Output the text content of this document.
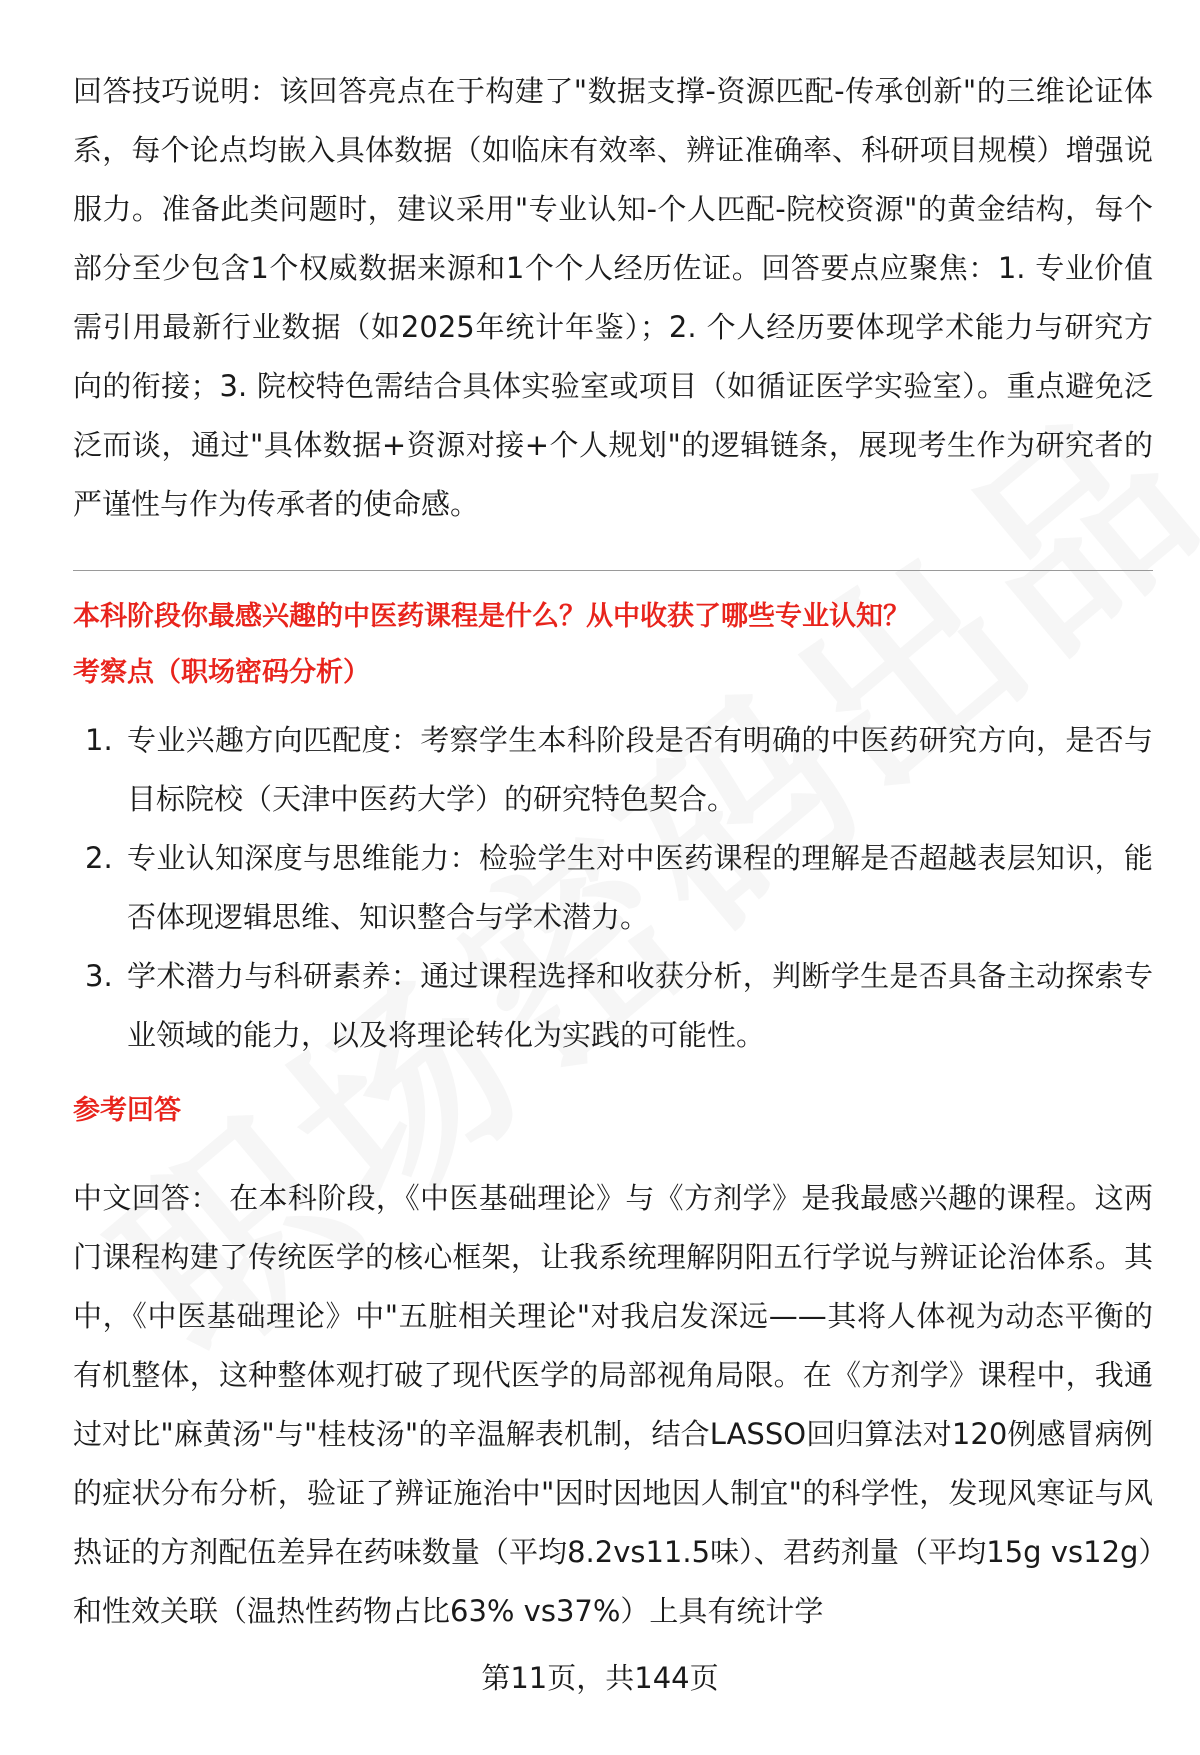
回答技巧说明：该回答亮点在于构建了"数据支撑-资源匹配-传承创新"的三维论证体系，每个论点均嵌入具体数据（如临床有效率、辨证准确率、科研项目规模）增强说服力。准备此类问题时，建议采用"专业认知-个人匹配-院校资源"的黄金结构，每个部分至少包含1个权威数据来源和1个个人经历佐证。回答要点应聚焦：1. 专业价值需引用最新行业数据（如2025年统计年鉴）；2. 个人经历要体现学术能力与研究方向的衔接；3. 院校特色需结合具体实验室或项目（如循证医学实验室）。重点避免泛泛而谈，通过"具体数据+资源对接+个人规划"的逻辑链条，展现考生作为研究者的严谨性与作为传承者的使命感。

本科阶段你最感兴趣的中医药课程是什么？从中收获了哪些专业认知？
考察点（职场密码分析）
1. 专业兴趣方向匹配度：考察学生本科阶段是否有明确的中医药研究方向，是否与目标院校（天津中医药大学）的研究特色契合。
2. 专业认知深度与思维能力：检验学生对中医药课程的理解是否超越表层知识，能否体现逻辑思维、知识整合与学术潜力。
3. 学术潜力与科研素养：通过课程选择和收获分析，判断学生是否具备主动探索专业领域的能力，以及将理论转化为实践的可能性。
参考回答

中文回答： 在本科阶段，《中医基础理论》与《方剂学》是我最感兴趣的课程。这两门课程构建了传统医学的核心框架，让我系统理解阴阳五行学说与辨证论治体系。其中，《中医基础理论》中"五脏相关理论"对我启发深远——其将人体视为动态平衡的有机整体，这种整体观打破了现代医学的局部视角局限。在《方剂学》课程中，我通过对比"麻黄汤"与"桂枝汤"的辛温解表机制，结合LASSO回归算法对120例感冒病例的症状分布分析，验证了辨证施治中"因时因地因人制宜"的科学性，发现风寒证与风热证的方剂配伍差异在药味数量（平均8.2vs11.5味）、君药剂量（平均15g vs12g）和性效关联（温热性药物占比63% vs37%）上具有统计学

第11页，共144页
